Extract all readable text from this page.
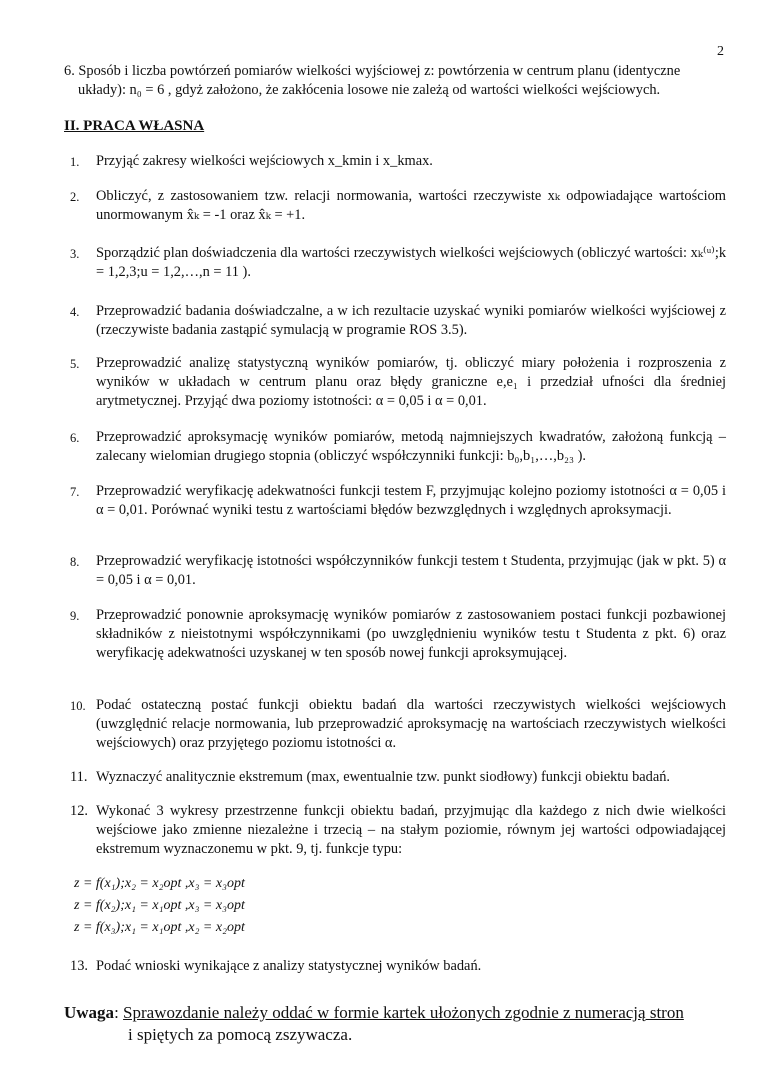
2
6. Sposób i liczba powtórzeń pomiarów wielkości wyjściowej z: powtórzenia w centrum planu (identyczne
układy): n₀ = 6 , gdyż założono, że zakłócenia losowe nie zależą od wartości wielkości wejściowych.
II. PRACA WŁASNA
1. Przyjąć zakresy wielkości wejściowych x_kmin i x_kmax.
2. Obliczyć, z zastosowaniem tzw. relacji normowania, wartości rzeczywiste xₖ odpowiadające wartościom unormowanym x̂ₖ = -1 oraz x̂ₖ = +1.
3. Sporządzić plan doświadczenia dla wartości rzeczywistych wielkości wejściowych (obliczyć wartości: xₖ⁽ᵘ⁾;k = 1,2,3;u = 1,2,…,n = 11 ).
4. Przeprowadzić badania doświadczalne, a w ich rezultacie uzyskać wyniki pomiarów wielkości wyjściowej z (rzeczywiste badania zastąpić symulacją w programie ROS 3.5).
5. Przeprowadzić analizę statystyczną wyników pomiarów, tj. obliczyć miary położenia i rozproszenia z wyników w układach w centrum planu oraz błędy graniczne e,e₁ i przedział ufności dla średniej arytmetycznej. Przyjąć dwa poziomy istotności: α = 0,05 i α = 0,01.
6. Przeprowadzić aproksymację wyników pomiarów, metodą najmniejszych kwadratów, założoną funkcją – zalecany wielomian drugiego stopnia (obliczyć współczynniki funkcji: b₀,b₁,…,b₂₃ ).
7. Przeprowadzić weryfikację adekwatności funkcji testem F, przyjmując kolejno poziomy istotności α = 0,05 i α = 0,01. Porównać wyniki testu z wartościami błędów bezwzględnych i względnych aproksymacji.
8. Przeprowadzić weryfikację istotności współczynników funkcji testem t Studenta, przyjmując (jak w pkt. 5) α = 0,05 i α = 0,01.
9. Przeprowadzić ponownie aproksymację wyników pomiarów z zastosowaniem postaci funkcji pozbawionej składników z nieistotnymi współczynnikami (po uwzględnieniu wyników testu t Studenta z pkt. 6) oraz weryfikację adekwatności uzyskanej w ten sposób nowej funkcji aproksymującej.
10. Podać ostateczną postać funkcji obiektu badań dla wartości rzeczywistych wielkości wejściowych (uwzględnić relacje normowania, lub przeprowadzić aproksymację na wartościach rzeczywistych wielkości wejściowych) oraz przyjętego poziomu istotności α.
11. Wyznaczyć analitycznie ekstremum (max, ewentualnie tzw. punkt siodłowy) funkcji obiektu badań.
12. Wykonać 3 wykresy przestrzenne funkcji obiektu badań, przyjmując dla każdego z nich dwie wielkości wejściowe jako zmienne niezależne i trzecią – na stałym poziomie, równym jej wartości odpowiadającej ekstremum wyznaczonemu w pkt. 9, tj. funkcje typu:
z = f(x₁);x₂ = x₂opt ,x₃ = x₃opt
z = f(x₂);x₁ = x₁opt ,x₃ = x₃opt
z = f(x₃);x₁ = x₁opt ,x₂ = x₂opt
13. Podać wnioski wynikające z analizy statystycznej wyników badań.
Uwaga: Sprawozdanie należy oddać w formie kartek ułożonych zgodnie z numeracją stron
i spiętych za pomocą zszywacza.
